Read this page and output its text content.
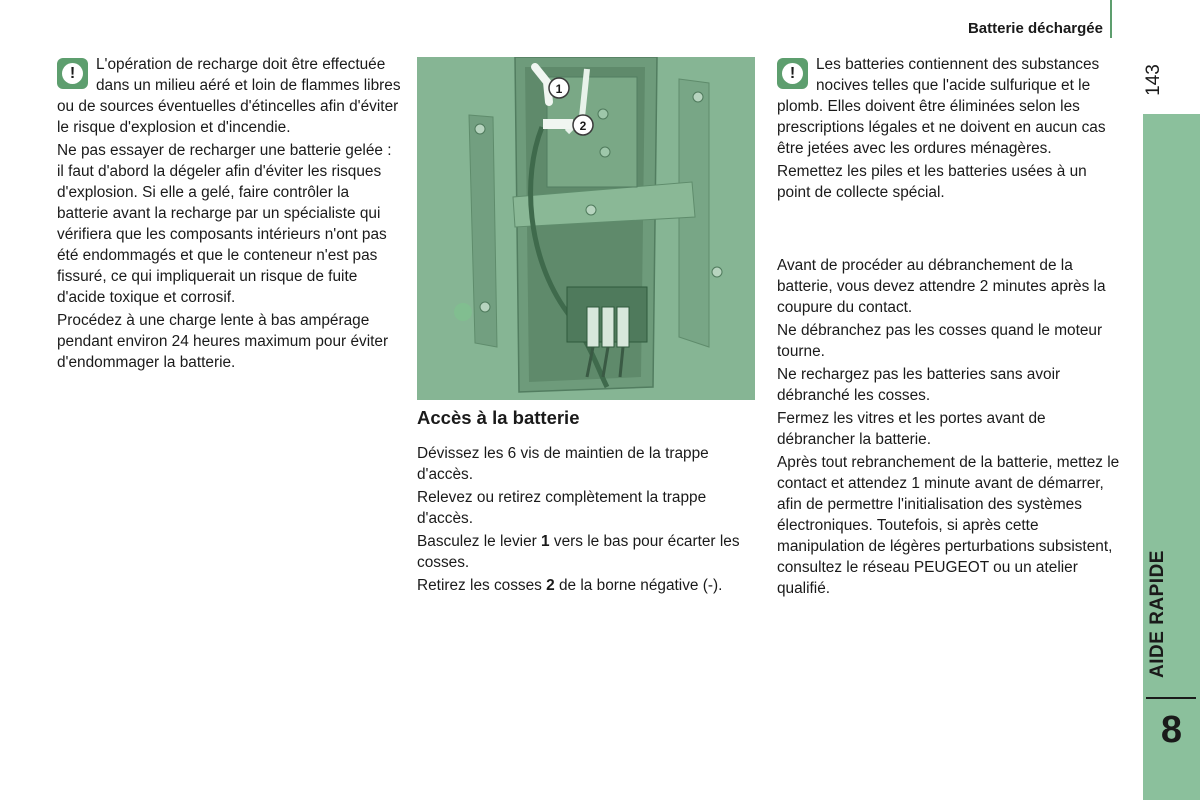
Batterie déchargée
143
AIDE RAPIDE
8
!	L'opération de recharge doit être effectuée dans un milieu aéré et loin de flammes libres ou de sources éventuelles d'étincelles afin d'éviter le risque d'explosion et d'incendie.

Ne pas essayer de recharger une batterie gelée : il faut d'abord la dégeler afin d'éviter les risques d'explosion. Si elle a gelé, faire contrôler la batterie avant la recharge par un spécialiste qui vérifiera que les composants intérieurs n'ont pas été endommagés et que le conteneur n'est pas fissuré, ce qui impliquerait un risque de fuite d'acide toxique et corrosif.

Procédez à une charge lente à bas ampérage pendant environ 24 heures maximum pour éviter d'endommager la batterie.

1
2
Accès à la batterie

Dévissez les 6 vis de maintien de la trappe d'accès.

Relevez ou retirez complètement la trappe d'accès.

Basculez le levier 1 vers le bas pour écarter les cosses.

Retirez les cosses 2 de la borne négative (-).

!	Les batteries contiennent des substances nocives telles que l'acide sulfurique et le plomb. Elles doivent être éliminées selon les prescriptions légales et ne doivent en aucun cas être jetées avec les ordures ménagères.

Remettez les piles et les batteries usées à un point de collecte spécial.

Avant de procéder au débranchement de la batterie, vous devez attendre 2 minutes après la coupure du contact.

Ne débranchez pas les cosses quand le moteur tourne.

Ne rechargez pas les batteries sans avoir débranché les cosses.

Fermez les vitres et les portes avant de débrancher la batterie.

Après tout rebranchement de la batterie, mettez le contact et attendez 1 minute avant de démarrer, afin de permettre l'initialisation des systèmes électroniques. Toutefois, si après cette manipulation de légères perturbations subsistent, consultez le réseau PEUGEOT ou un atelier qualifié.
